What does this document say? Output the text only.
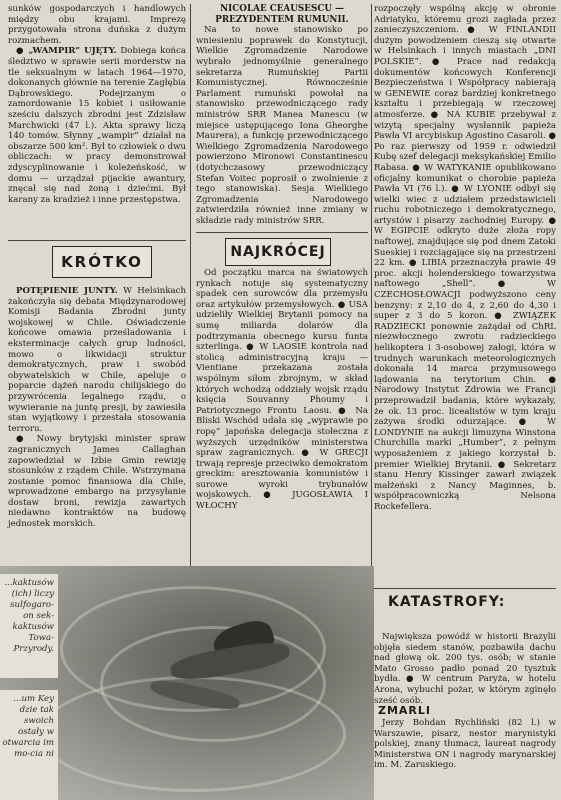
sunków gospodarczych i handlowych między obu krajami. Imprezę przygotowała strona duńska z dużym rozmachem.

● „WAMPIR” UJĘTY. Dobiega końca śledztwo w sprawie serii morderstw na tle seksualnym w latach 1964—1970, dokonanych głównie na terenie Zagłębia Dąbrowskiego. Podejrzanym o zamordowanie 15 kobiet i usiłowanie sześciu dalszych zbrodni jest Zdzisław Marchwicki (47 l.). Akta sprawy liczą 140 tomów. Słynny „wampir” działał na obszarze 500 km². Był to człowiek o dwu obliczach: w pracy demonstrował zdyscyplinowanie i koleżeńskość, w domu — urządzał pijackie awantury, znęcał się nad żoną i dziećmi. Był karany za kradzież i inne przestępstwa.

KRÓTKO

POTĘPIENIE JUNTY. W Helsinkach zakończyła się debata Międzynarodowej Komisji Badania Zbrodni junty wojskowej w Chile. Oświadczenie końcowe omawia prześladowania i eksterminacje całych grup ludności, mowo o likwidacji struktur demokratycznych, praw i swobód obywatelskich w Chile, apeluje o poparcie dążeń narodu chilijskiego do przywrócenia legalnego rządu, o wywieranie na juntę presji, by zawiesiła stan wyjątkowy i przestała stosowania terroru.

● Nowy brytyjski minister spraw zagranicznych James Callaghan zapowiedział w Izbie Gmin rewizję stosunków z rządem Chile. Wstrzymana zostanie pomoc finansowa dla Chile, wprowadzone embargo na przysyłanie dostaw broni, rewizja zawartych niedawno kontraktów na budowę jednostek morskich.

NICOLAE CEAUSESCU — PREZYDENTEM RUMUNII.

Na to nowe stanowisko po wniesieniu poprawek do Konstytucji, Wielkie Zgromadzenie Narodowe wybrało jednomyślnie generalnego sekretarza Rumuńskiej Partii Komunistycznej. Równocześnie Parlament rumuński powołał na stanowisko przewodniczącego rady ministrów SRR Manea Manescu (w miejsce ustępującego Iona Gheorghe Maurera), a funkcję przewodniczącego Wielkiego Zgromadzenia Narodowego powierzono Mironowi Constantinescu (dotychczasowy przewodniczący Stefan Voitec poprosił o zwolnienie z tego stanowiska). Sesja Wielkiego Zgromadzenia Narodowego zatwierdziła również inne zmiany w składzie rady ministrów SRR.

NAJKRÓCEJ

Od początku marca na światowych rynkach notuje się systematyczny spadek cen surowców dla przemysłu oraz artykułów przemysłowych. ● USA udzieliły Wielkiej Brytanii pomocy na sumę miliarda dolarów dla podtrzymania obecnego kursu funta szterlinga. ● W LAOSIE kontrola nad stolicą administracyjną kraju — Vientiane przekazana została wspólnym siłom zbrojnym, w skład których wchodzą oddziały wojsk rządu księcia Souvanny Phoumy i Patriotycznego Frontu Laosu. ● Na Bliski Wschód udała się „wyprawie po ropę” japońska delegacja stołeczna z wyższych urzędników ministerstwa spraw zagranicznych. ● W GRECJI trwają represje przeciwko demokratom greckim: aresztowania komunistów i surowe wyroki trybunałów wojskowych. ● JUGOSŁAWIA I WŁOCHY

rozpoczęły wspólną akcję w obronie Adriatyku, któremu grozi zagłada przez zanieczyszczeniom. ● W FINLANDII dużym powodzeniem cieszą się otwarte w Helsinkach i innych miastach „DNI POLSKIE”. ● Prace nad redakcją dokumentów końcowych Konferencji Bezpieczeństwa i Współpracy nabierają w GENEWIE coraz bardziej konkretnego kształtu i przebiegają w rzeczowej atmosferze. ● NA KUBIE przebywał z wizytą specjalny wysłannik papieża Pawła VI arcybiskup Agostino Casaroli. ● Po raz pierwszy od 1959 r. odwiedził Kubę szef delegacji meksykańskiej Emilio Rabasa. ● W WATYKANIE opublikowano oficjalny komunikat o chorobie papieża Pawła VI (76 l.). ● W LYONIE odbył się wielki wiec z udziałem przedstawicieli ruchu robotniczego i demokratycznego, artystów i pisarzy zachodniej Europy. ● W EGIPCIE odkryto duże złoża ropy naftowej, znajdujące się pod dnem Zatoki Sueskiej i rozciągające się na przestrzeni 22 km. ● LIBIA przeznaczyła prawie 49 proc. akcji holenderskiego towarzystwa naftowego „Shell”. ● W CZECHOSŁOWACJI podwyższono ceny benzyny: z 2,10 do 4, z 2,60 do 4,30 i super z 3 do 5 koron. ● ZWIĄZEK RADZIECKI ponownie zażądał od ChRL niezwłocznego zwrotu radzieckiego helikoptera i 3-osobowej załogi, która w trudnych warunkach meteorologicznych dokonała 14 marca przymusowego lądowania na terytorium Chin. ● Narodowy Instytut Zdrowia we Francji przeprowadził badania, które wykazały, że ok. 13 proc. licealistów w tym kraju zażywa środki odurzające. ● W LONDYNIE na aukcji limuzyna Winstona Churchilla marki „Humber”, z pełnym wyposażeniem z jakiego korzystał b. premier Wielkiej Brytanii. ● Sekretarz stanu Henry Kissinger zawarł związek małżeński z Nancy Maginnes, b. współpracowniczką Nelsona Rockefellera.

KATASTROFY:

Największa powódź w historii Brazylii objęła siedem stanów, pozbawiła dachu nad głową ok. 200 tys. osób; w stanie Mato Grosso padło ponad 20 tysztuk bydła. ● W centrum Paryża, w hotelu Arona, wybuchł pożar, w którym zginęło sześć osób.

ZMARLI

Jerzy Bohdan Rychliński (82 l.) w Warszawie, pisarz, nestor marynistyki polskiej, znany tłumacz, laureat nagrody Ministerstwa ON i nagrody marynarskiej im. M. Zaruskiego.

...kaktusów (ich) liczy sulfogaro-on sek-kaktusów Towa- Przyrody.
...um Key dzie tak swoich ostały w otwarcia im mo-cia ni
